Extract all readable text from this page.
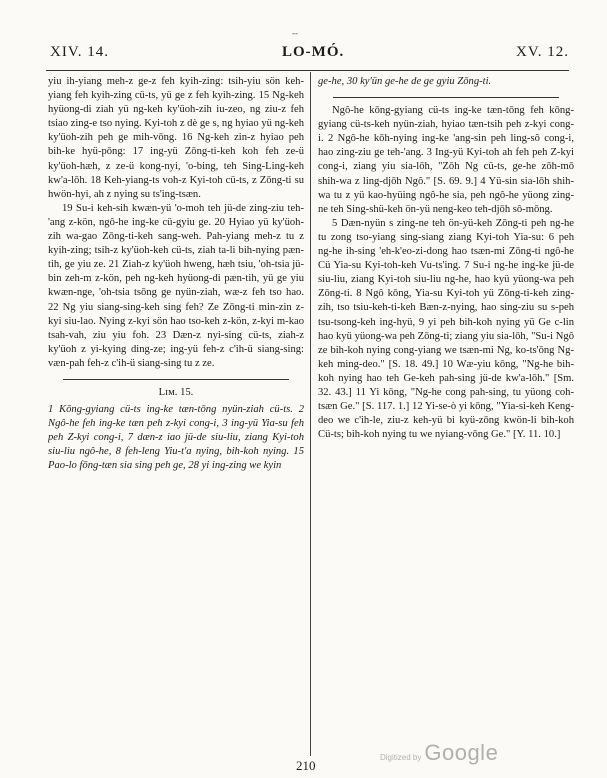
--
XIV. 14.	LO-MÓ.	XV. 12.

yiu ih-yiang meh-z ge-z feh kyih-zing: tsih-yiu sön keh-yiang feh kyih-zing cü-ts, yü ge z feh kyih-zing. 15 Ng-keh hyüong-di ziah yü ng-keh ky'üoh-zih iu-zeo, ng ziu-z feh tsiao zing-e tso nying. Kyi-toh z dè ge s, ng hyiao yü ng-keh ky'üoh-zih peh ge mih-vōng. 16 Ng-keh zin-z hyiao peh bih-ke hyü-pōng: 17 ing-yü Zōng-ti-keh koh feh ze-ü ky'üoh-hæh, z ze-ü kong-nyi, 'o-bing, teh Sing-Ling-keh kw'a-lōh. 18 Keh-yiang-ts voh-z Kyi-toh cü-ts, z Zōng-ti su hwön-hyi, ah z nying su ts'ing-tsæn.

19 Su-i keh-sih kwæn-yü 'o-moh teh jü-de zing-ziu teh-'ang z-kön, ngô-he ing-ke cü-gyiu ge. 20 Hyiao yü ky'üoh-zih wa-gao Zōng-ti-keh sang-weh. Pah-yiang meh-z tu z kyih-zing; tsih-z ky'üoh-keh cü-ts, ziah ta-li bih-nying pæn-tih, ge yiu ze. 21 Ziah-z ky'üoh hweng, hæh tsiu, 'oh-tsia jü-bin zeh-m z-kön, peh ng-keh hyüong-di pæn-tih, yü ge yiu kwæn-nge, 'oh-tsia tsōng ge nyün-ziah, wæ-z feh tso hao. 22 Ng yiu siang-sing-keh sing feh? Ze Zōng-ti min-zin z-kyi siu-lao. Nying z-kyi sön hao tso-keh z-kön, z-kyi m-kao tsah-vah, ziu yiu foh. 23 Dæn-z nyi-sing cü-ts, ziah-z ky'üoh z yi-kying ding-ze; ing-yü feh-z c'ih-ü siang-sing: væn-pah feh-z c'ih-ü siang-sing tu z ze.

Lɪᴍ. 15.

1 Kōng-gyiang cü-ts ing-ke tæn-tōng nyün-ziah cü-ts. 2 Ngô-he feh ing-ke tæn peh z-kyi cong-i, 3 ing-yü Yia-su feh peh Z-kyi cong-i, 7 dæn-z iao jü-de siu-liu, ziang Kyi-toh siu-liu ngô-he, 8 feh-leng Yiu-t'a nying, bih-koh nying. 15 Pao-lo fōng-tæn sia sing peh ge, 28 yi ing-zing we kyin

ge-he, 30 ky'ün ge-he de ge gyiu Zōng-ti.

Ngô-he kōng-gyiang cü-ts ing-ke tæn-tōng feh kōng-gyiang cü-ts-keh nyün-ziah, hyiao tæn-tsih peh z-kyi cong-i. 2 Ngô-he kōh-nying ing-ke 'ang-sin peh ling-sô cong-i, hao zing-ziu ge teh-'ang. 3 Ing-yü Kyi-toh ah feh peh Z-kyi cong-i, ziang yiu sia-lōh, "Zōh Ng cü-ts, ge-he zōh-mō shih-wa z ling-djōh Ngô." [S. 69. 9.] 4 Yü-sin sia-lōh shih-wa tu z yü kao-hyüing ngô-he sia, peh ngô-he yüong zing-ne teh Sing-shü-keh ön-yü neng-keo teh-djōh sô-mōng.

5 Dæn-nyün s zing-ne teh ön-yü-keh Zōng-ti peh ng-he tu zong tso-yiang sing-siang ziang Kyi-toh Yia-su: 6 peh ng-he ih-sing 'eh-k'eo-zi-dong hao tsæn-mi Zōng-ti ngô-he Cü Yia-su Kyi-toh-keh Vu-ts'ing. 7 Su-i ng-he ing-ke jü-de siu-liu, ziang Kyi-toh siu-liu ng-he, hao kyü yüong-wa peh Zōng-ti. 8 Ngô kōng, Yia-su Kyi-toh yü Zōng-ti-keh zing-zih, tso tsiu-keh-ti-keh Bæn-z-nying, hao sing-ziu su s-peh tsu-tsong-keh ing-hyü, 9 yi peh bih-koh nying yü Ge c-lin hao kyü yüong-wa peh Zōng-ti; ziang yiu sia-lōh, "Su-i Ngô ze bih-koh nying cong-yiang we tsæn-mi Ng, ko-ts'ōng Ng-keh ming-deo." [S. 18. 49.] 10 Wæ-yiu kōng, "Ng-he bih-koh nying hao teh Ge-keh pah-sing jü-de kw'a-lōh." [Sm. 32. 43.] 11 Yi kōng, "Ng-he cong pah-sing, tu yüong coh-tsæn Ge." [S. 117. 1.] 12 Yi-se-ò yi kōng, "Yia-si-keh Keng-deo we c'ih-le, ziu-z keh-yü bi kyü-zōng kwön-li bih-koh Cü-ts; bih-koh nying tu we nyiang-vōng Ge." [Y. 11. 10.]

210
Digitized by Google
